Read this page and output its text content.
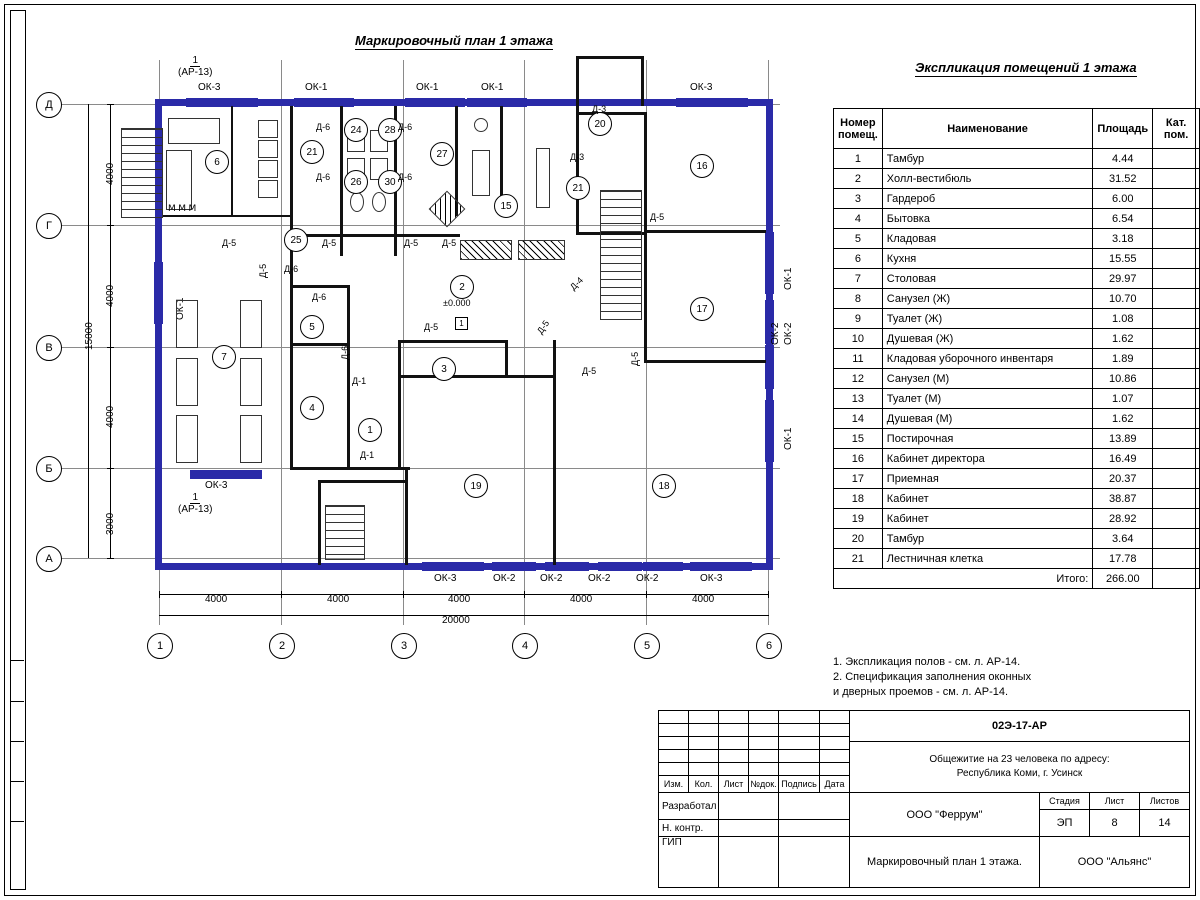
Маркировочный план 1 этажа
Экспликация помещений 1 этажа
Д
Г
В
Б
А
1	2	3	4	5	6
ОК-3	ОК-1	ОК-1	ОК-1	ОК-3
ОК-3	ОК-2 ОК-2	ОК-2	ОК-2	ОК-3
ОК-3
ОК-1
ОК-1
ОК-2
ОК-2
ОК-1
Ⅿ Ⅿ Ⅿ
24 28
26 30
21	27
25
15
6	16
20
21
17
2
±0.000
5
7
3
4
1
19	18
Д-5	Д-5	Д-5	Д-5
Д-6
Д-6
Д-6
Д-6
Д-6
Д-6
Д-5
Д-6
Д-1
Д-1
Д-3
Д-3
Д-5
Д-4
Д-5	Д-5
Д-5
Д-5
1
1
(АР-13)
1
(АР-13)
4000
4000
4000
3000
15000
4000	4000	4000	4000	4000
20000
Номер помещ.	Наименование	Площадь	Кат. пом.
1	Тамбур	4.44	
2	Холл-вестибюль	31.52	
3	Гардероб	6.00	
4	Бытовка	6.54	
5	Кладовая	3.18	
6	Кухня	15.55	
7	Столовая	29.97	
8	Санузел (Ж)	10.70	
9	Туалет (Ж)	1.08	
10	Душевая (Ж)	1.62	
11	Кладовая уборочного инвентаря	1.89	
12	Санузел (М)	10.86	
13	Туалет (М)	1.07	
14	Душевая (М)	1.62	
15	Постирочная	13.89	
16	Кабинет директора	16.49	
17	Приемная	20.37	
18	Кабинет	38.87	
19	Кабинет	28.92	
20	Тамбур	3.64	
21	Лестничная клетка	17.78	
Итого:		266.00	
1. Экспликация полов - см. л. АР-14.
2. Спецификация заполнения оконных
и дверных проемов - см. л. АР-14.
Изм.	Кол.	Лист №док. Подпись Дата
Разработал
Н. контр.
ГИП
02Э-17-АР
Общежитие на 23 человека по адресу:
Республика Коми, г. Усинск
ООО "Феррум"
Маркировочный план 1 этажа.
Стадия	Лист	Листов
ЭП	8	14
ООО "Альянс"
